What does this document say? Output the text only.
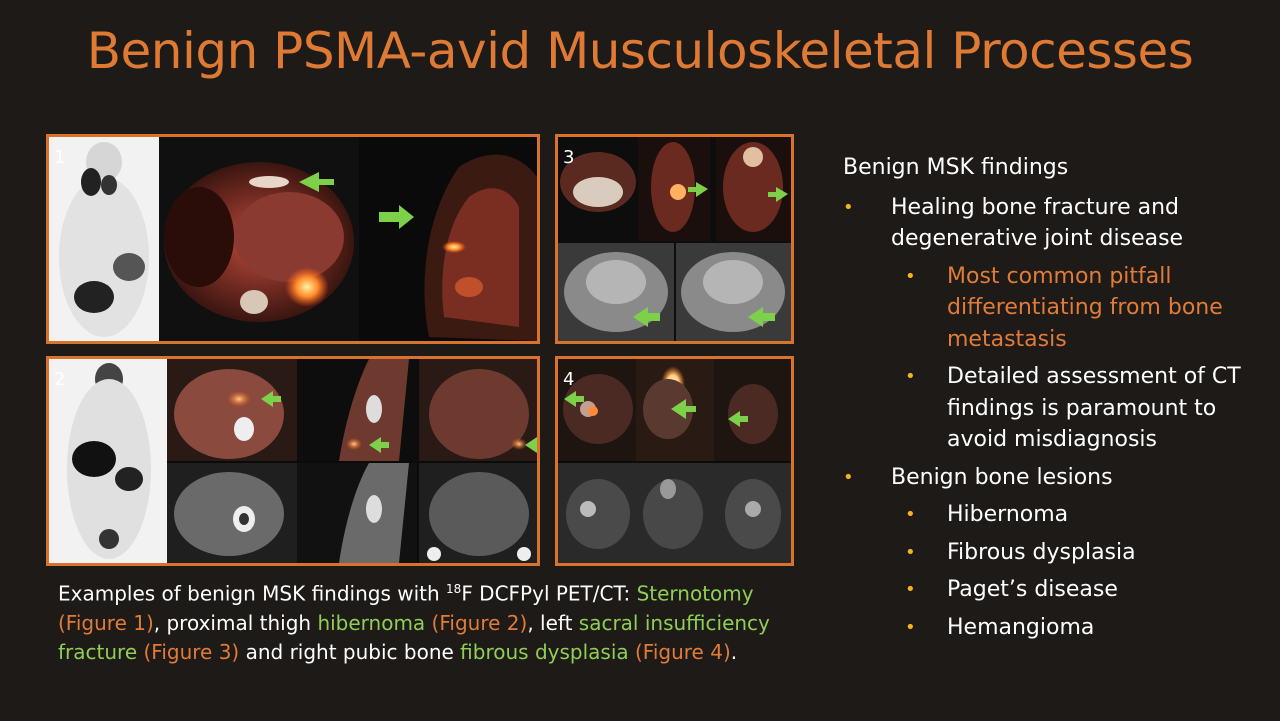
Benign PSMA-avid Musculoskeletal Processes
1	3
2	4
Examples of benign MSK findings with $^{18}$F DCFPyl PET/CT: Sternotomy (Figure 1), proximal thigh hibernoma (Figure 2), left sacral insufficiency fracture (Figure 3) and right pubic bone fibrous dysplasia (Figure 4).
Benign MSK findings
• Healing bone fracture and degenerative joint disease
• Most common pitfall differentiating from bone metastasis
• Detailed assessment of CT findings is paramount to avoid misdiagnosis
• Benign bone lesions
• Hibernoma
• Fibrous dysplasia
• Paget’s disease
• Hemangioma
